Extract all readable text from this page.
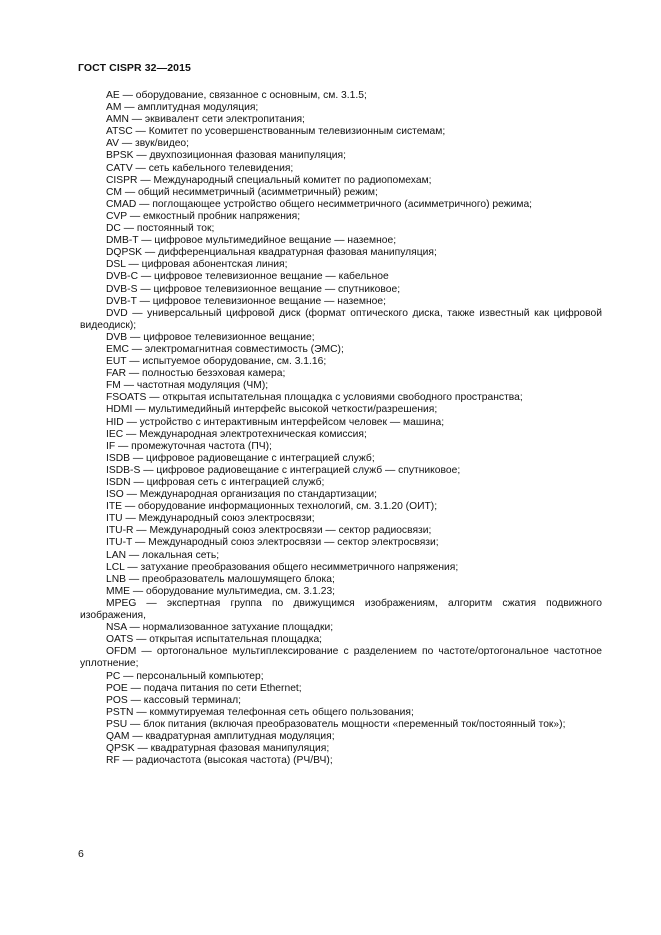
ГОСТ CISPR 32—2015

AE — оборудование, связанное с основным, см. 3.1.5;

AM — амплитудная модуляция;

AMN — эквивалент сети электропитания;

ATSC — Комитет по усовершенствованным телевизионным системам;

AV — звук/видео;

BPSK — двухпозиционная фазовая манипуляция;

CATV — сеть кабельного телевидения;

CISPR — Международный специальный комитет по радиопомехам;

CM — общий несимметричный (асимметричный) режим;

CMAD — поглощающее устройство общего несимметричного (асимметричного) режима;

CVP — емкостный пробник напряжения;

DC — постоянный ток;

DMB-T — цифровое мультимедийное вещание — наземное;

DQPSK — дифференциальная квадратурная фазовая манипуляция;

DSL — цифровая абонентская линия;

DVB-C — цифровое телевизионное вещание — кабельное

DVB-S — цифровое телевизионное вещание — спутниковое;

DVB-T — цифровое телевизионное вещание — наземное;

DVD — универсальный цифровой диск (формат оптического диска, также известный как цифровой видеодиск);

DVB — цифровое телевизионное вещание;

EMC — электромагнитная совместимость (ЭМС);

EUT — испытуемое оборудование, см. 3.1.16;

FAR — полностью безэховая камера;

FM — частотная модуляция (ЧМ);

FSOATS — открытая испытательная площадка с условиями свободного пространства;

HDMI — мультимедийный интерфейс высокой четкости/разрешения;

HID — устройство с интерактивным интерфейсом человек — машина;

IEC — Международная электротехническая комиссия;

IF — промежуточная частота (ПЧ);

ISDB — цифровое радиовещание с интеграцией служб;

ISDB-S — цифровое радиовещание с интеграцией служб — спутниковое;

ISDN — цифровая сеть с интеграцией служб;

ISO — Международная организация по стандартизации;

ITE — оборудование информационных технологий, см. 3.1.20 (ОИТ);

ITU — Международный союз электросвязи;

ITU-R — Международный союз электросвязи — сектор радиосвязи;

ITU-T — Международный союз электросвязи — сектор электросвязи;

LAN — локальная сеть;

LCL — затухание преобразования общего несимметричного напряжения;

LNB — преобразователь малошумящего блока;

MME — оборудование мультимедиа, см. 3.1.23;

MPEG — экспертная группа по движущимся изображениям, алгоритм сжатия подвижного изображения,

NSA — нормализованное затухание площадки;

OATS — открытая испытательная площадка;

OFDM — ортогональное мультиплексирование с разделением по частоте/ортогональное частотное уплотнение;

PC — персональный компьютер;

POE — подача питания по сети Ethernet;

POS — кассовый терминал;

PSTN — коммутируемая телефонная сеть общего пользования;

PSU — блок питания (включая преобразователь мощности «переменный ток/постоянный ток»);

QAM — квадратурная амплитудная модуляция;

QPSK — квадратурная фазовая манипуляция;

RF — радиочастота (высокая частота) (РЧ/ВЧ);

6
